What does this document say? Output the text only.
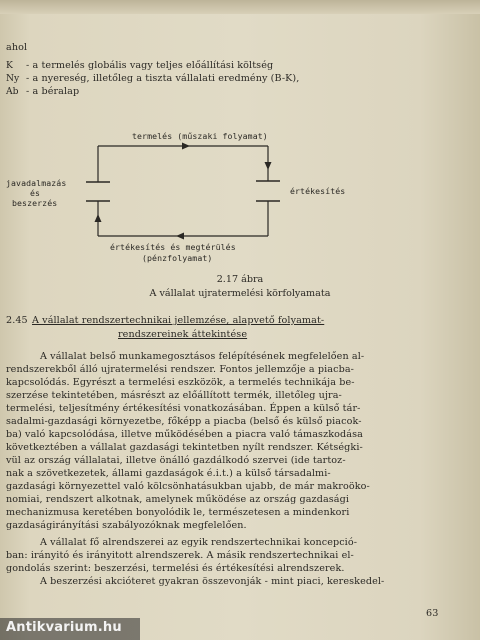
ahol
K - a termelés globális vagy teljes előállítási költség
Ny - a nyereség, illetőleg a tiszta vállalati eredmény (B-K),
Ab - a béralap
termelés (műszaki folyamat)
javadalmazás
és
beszerzés
értékesítés
értékesítés és megtérülés
(pénzfolyamat)
2.17 ábra
A vállalat ujratermelési körfolyamata
2.45 A vállalat rendszertechnikai jellemzése, alapvető folyamat-
rendszereinek áttekintése
A vállalat belső munkamegosztásos felépítésének megfelelően al-
rendszerekből álló ujratermelési rendszer. Fontos jellemzője a piacba-
kapcsolódás. Egyrészt a termelési eszközök, a termelés technikája be-
szerzése tekintetében, másrészt az előállított termék, illetőleg ujra-
termelési, teljesítmény értékesítési vonatkozásában. Éppen a külső tár-
sadalmi-gazdasági környezetbe, főképp a piacba (belső és külső piacok-
ba) való kapcsolódása, illetve működésében a piacra való támaszkodása
következtében a vállalat gazdasági tekintetben nyílt rendszer. Kétségki-
vül az ország vállalatai, illetve önálló gazdálkodó szervei (ide tartoz-
nak a szövetkezetek, állami gazdaságok é.i.t.) a külső társadalmi-
gazdasági környezettel való kölcsönhatásukban ujabb, de már makroöko-
nomiai, rendszert alkotnak, amelynek működése az ország gazdasági
mechanizmusa keretében bonyolódik le, természetesen a mindenkori
gazdaságirányítási szabályozóknak megfelelően.
A vállalat fő alrendszerei az egyik rendszertechnikai koncepció-
ban: irányitó és irányitott alrendszerek. A másik rendszertechnikai el-
gondolás szerint: beszerzési, termelési és értékesítési alrendszerek.
A beszerzési akcióteret gyakran összevonják - mint piaci, kereskedel-
63
Antikvarium.hu
